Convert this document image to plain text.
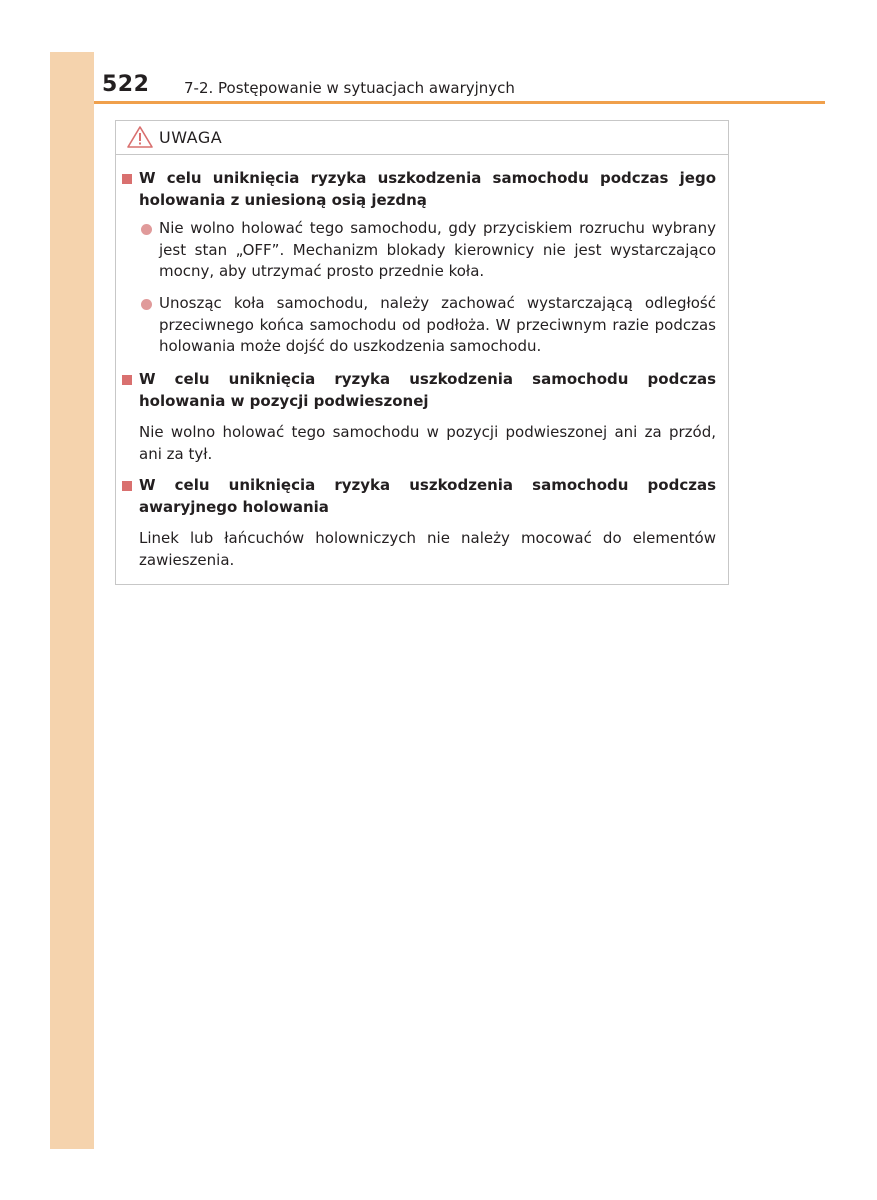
522 7-2. Postępowanie w sytuacjach awaryjnych
UWAGA
W celu uniknięcia ryzyka uszkodzenia samochodu podczas jego holowania z uniesioną osią jezdną
Nie wolno holować tego samochodu, gdy przyciskiem rozruchu wybrany jest stan „OFF”. Mechanizm blokady kierownicy nie jest wystarczająco mocny, aby utrzymać prosto przednie koła.
Unosząc koła samochodu, należy zachować wystarczającą odległość przeciwnego końca samochodu od podłoża. W przeciwnym razie podczas holowania może dojść do uszkodzenia samochodu.
W celu uniknięcia ryzyka uszkodzenia samochodu podczas holowania w pozycji podwieszonej
Nie wolno holować tego samochodu w pozycji podwieszonej ani za przód, ani za tył.
W celu uniknięcia ryzyka uszkodzenia samochodu podczas awaryjnego holowania
Linek lub łańcuchów holowniczych nie należy mocować do elementów zawieszenia.
